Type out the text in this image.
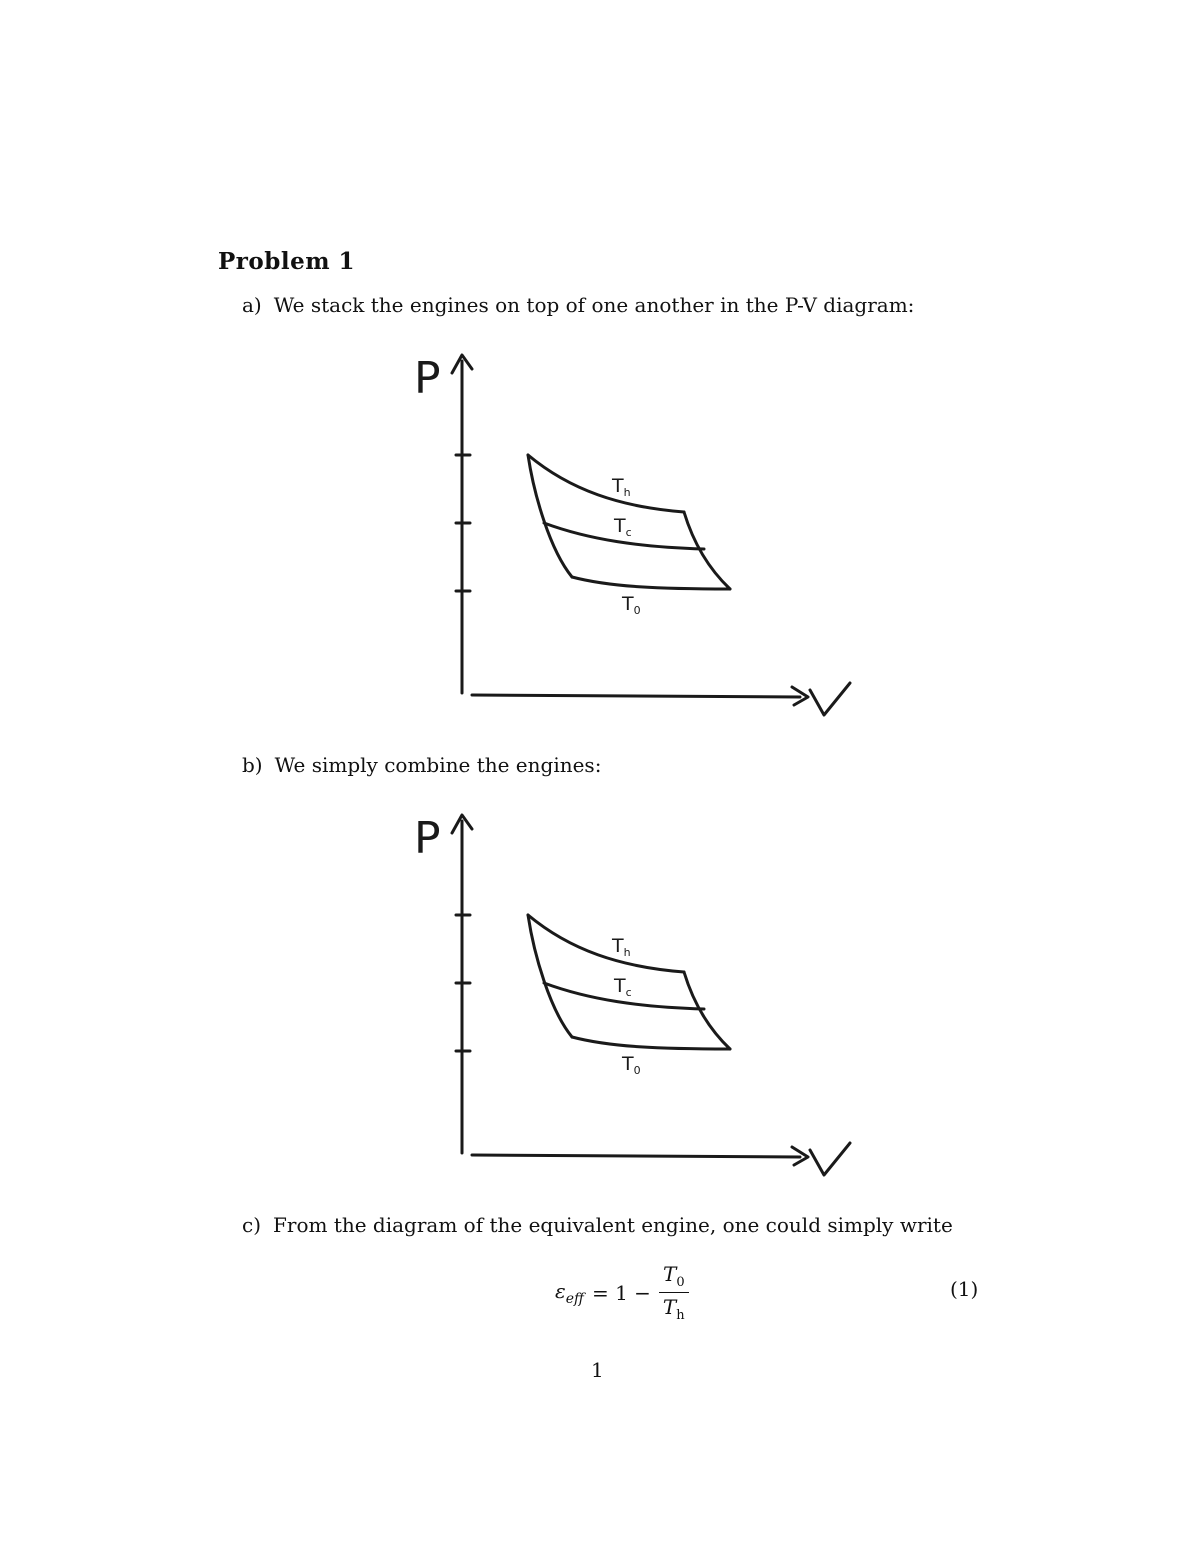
Problem 1
a) We stack the engines on top of one another in the P-V diagram:
P
$T_h$
$T_c$
$T_0$
b) We simply combine the engines:
P
$T_h$
$T_c$
$T_0$
c) From the diagram of the equivalent engine, one could simply write
$\varepsilon_{eff} = 1 - \frac{T_0}{T_h}$	(1)
1
